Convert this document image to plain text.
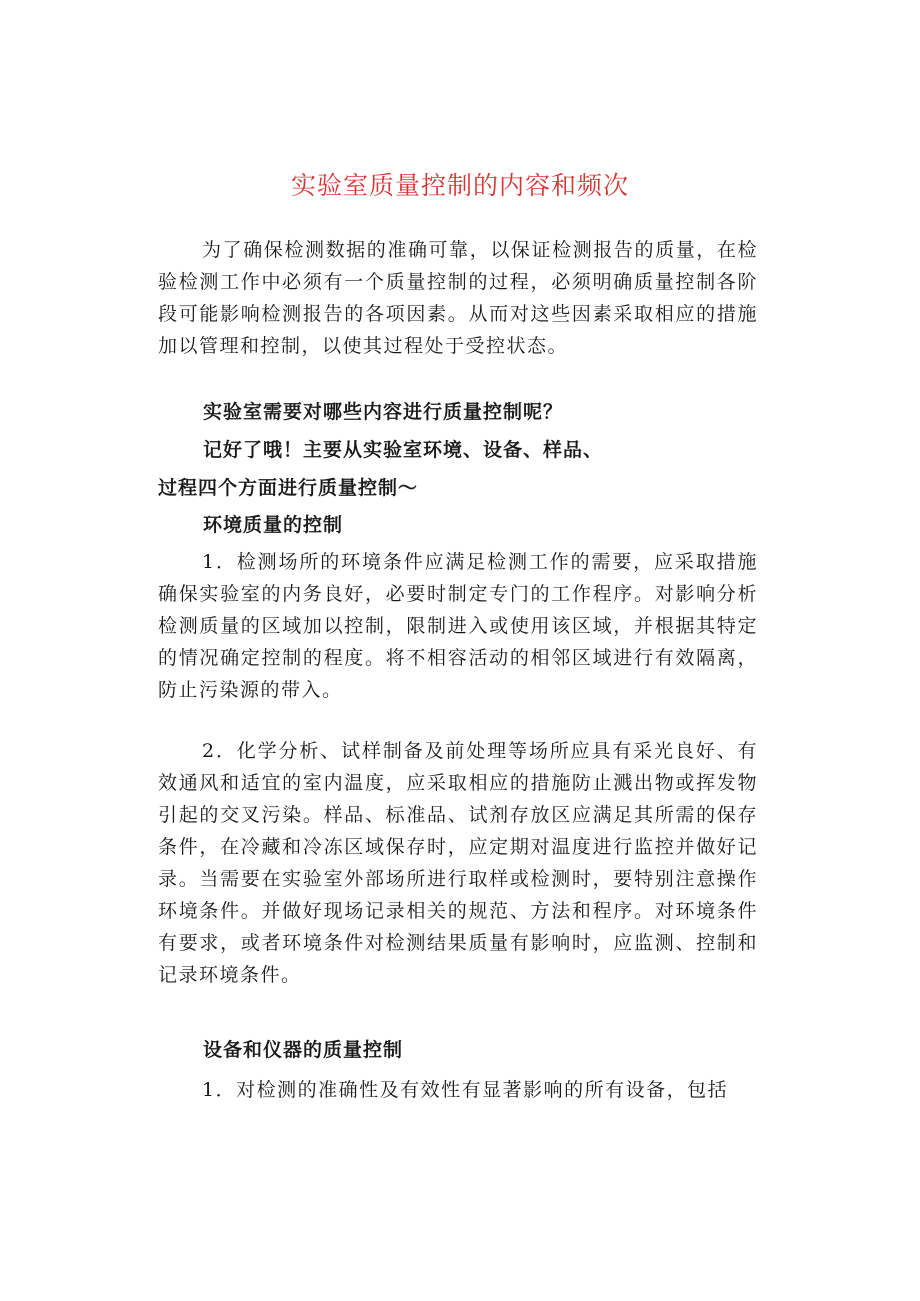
实验室质量控制的内容和频次

为了确保检测数据的准确可靠，以保证检测报告的质量，在检验检测工作中必须有一个质量控制的过程，必须明确质量控制各阶段可能影响检测报告的各项因素。从而对这些因素采取相应的措施加以管理和控制，以使其过程处于受控状态。

实验室需要对哪些内容进行质量控制呢？
记好了哦！主要从实验室环境、设备、样品、
过程四个方面进行质量控制～
环境质量的控制

1．检测场所的环境条件应满足检测工作的需要，应采取措施确保实验室的内务良好，必要时制定专门的工作程序。对影响分析检测质量的区域加以控制，限制进入或使用该区域，并根据其特定的情况确定控制的程度。将不相容活动的相邻区域进行有效隔离，防止污染源的带入。

2．化学分析、试样制备及前处理等场所应具有采光良好、有效通风和适宜的室内温度，应采取相应的措施防止溅出物或挥发物引起的交叉污染。样品、标准品、试剂存放区应满足其所需的保存条件，在冷藏和冷冻区域保存时，应定期对温度进行监控并做好记录。当需要在实验室外部场所进行取样或检测时，要特别注意操作环境条件。并做好现场记录相关的规范、方法和程序。对环境条件有要求，或者环境条件对检测结果质量有影响时，应监测、控制和记录环境条件。

设备和仪器的质量控制

1．对检测的准确性及有效性有显著影响的所有设备，包括
